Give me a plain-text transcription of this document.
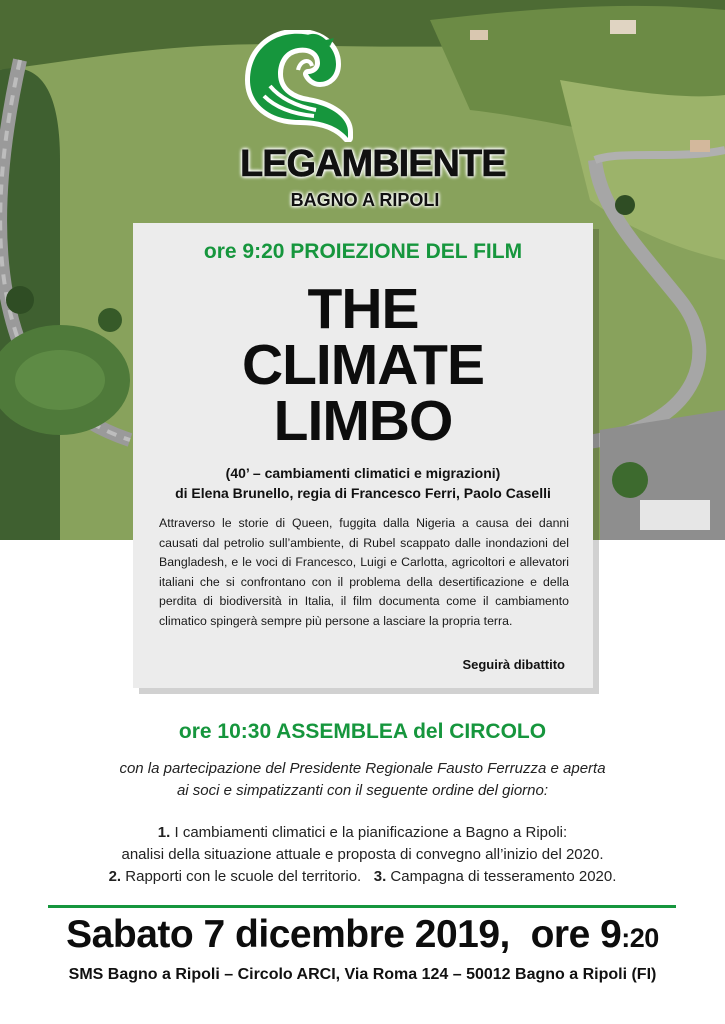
LEGAMBIENTE
BAGNO A RIPOLI
ore 9:20 PROIEZIONE DEL FILM
THE
CLIMATE
LIMBO
(40’ – cambiamenti climatici e migrazioni)
di Elena Brunello, regia di Francesco Ferri, Paolo Caselli
Attraverso le storie di Queen, fuggita dalla Nigeria a causa dei danni causati dal petrolio sull’ambiente, di Rubel scappato dalle inondazioni del Bangladesh, e le voci di Francesco, Luigi e Carlotta, agricoltori e allevatori italiani che si confrontano con il problema della desertificazione e della perdita di biodiversità in Italia, il film documenta come il cambiamento climatico spingerà sempre più persone a lasciare la propria terra.
Seguirà dibattito
ore 10:30 ASSEMBLEA del CIRCOLO
con la partecipazione del Presidente Regionale Fausto Ferruzza e aperta
ai soci e simpatizzanti con il seguente ordine del giorno:
1. I cambiamenti climatici e la pianificazione a Bagno a Ripoli:
analisi della situazione attuale e proposta di convegno all’inizio del 2020.
2. Rapporti con le scuole del territorio. 3. Campagna di tesseramento 2020.
Sabato 7 dicembre 2019, ore 9:20
SMS Bagno a Ripoli – Circolo ARCI, Via Roma 124 – 50012 Bagno a Ripoli (FI)
